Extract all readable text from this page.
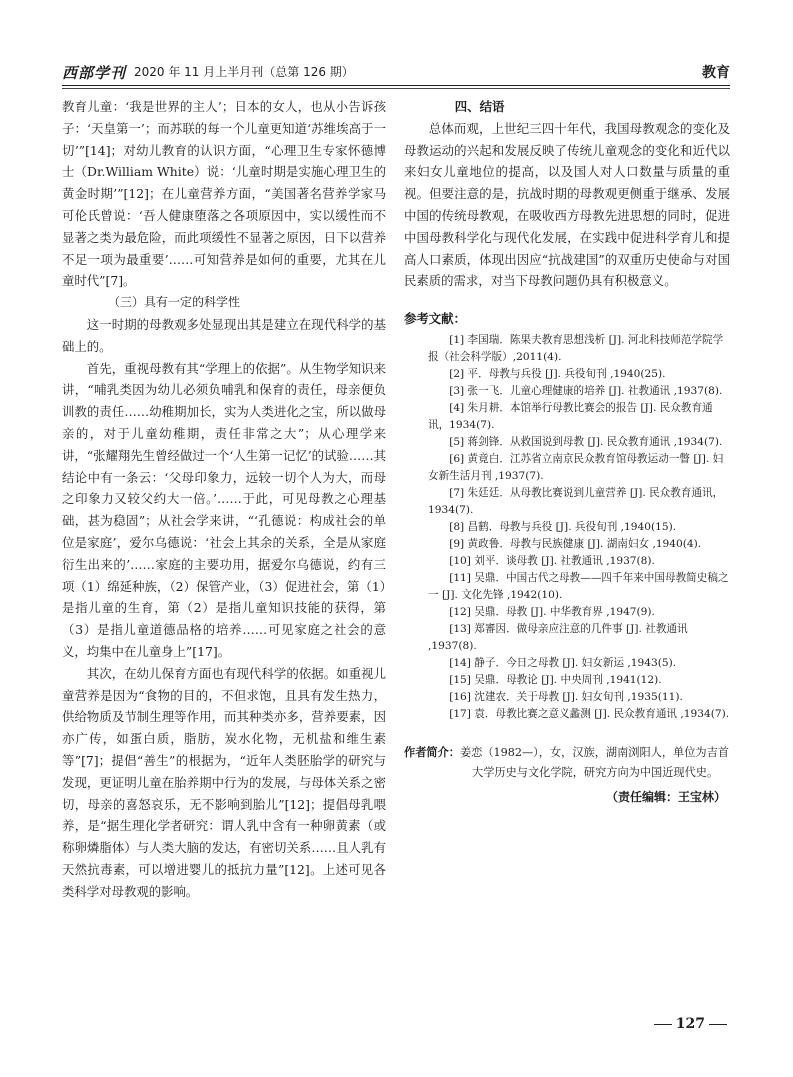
西部学刊 2020 年 11 月上半月刊（总第 126 期）	教育

教育儿童：‘我是世界的主人’；日本的女人，也从小告诉孩子：‘天皇第一’；而苏联的每一个儿童更知道‘苏维埃高于一切’”[14]；对幼儿教育的认识方面，“心理卫生专家怀德博士（Dr.William White）说：‘儿童时期是实施心理卫生的黄金时期’”[12]；在儿童营养方面，“美国著名营养学家马可伦氏曾说：‘吾人健康堕落之各项原因中，实以缓性而不显著之类为最危险，而此项缓性不显著之原因，日下以营养不足一项为最重要’……可知营养是如何的重要，尤其在儿童时代”[7]。

（三）具有一定的科学性

这一时期的母教观多处显现出其是建立在现代科学的基础上的。

首先，重视母教有其“学理上的依据”。从生物学知识来讲，“哺乳类因为幼儿必须负哺乳和保育的责任，母亲便负训教的责任……幼稚期加长，实为人类进化之宝，所以做母亲的，对于儿童幼稚期，责任非常之大”；从心理学来讲，“张耀翔先生曾经做过一个‘人生第一记忆’的试验……其结论中有一条云：‘父母印象力，远较一切个人为大，而母之印象力又较父约大一倍。’……于此，可见母教之心理基础，甚为稳固”；从社会学来讲，“‘孔德说：构成社会的单位是家庭’，爱尔乌德说：‘社会上其余的关系，全是从家庭衍生出来的’……家庭的主要功用，据爱尔乌德说，约有三项（1）绵延种族，（2）保管产业，（3）促进社会，第（1）是指儿童的生育，第（2）是指儿童知识技能的获得，第（3）是指儿童道德品格的培养……可见家庭之社会的意义，均集中在儿童身上”[17]。

其次，在幼儿保育方面也有现代科学的依据。如重视儿童营养是因为“食物的目的，不但求饱，且具有发生热力，供给物质及节制生理等作用，而其种类亦多，营养要素，因亦广传，如蛋白质，脂肪，炭水化物，无机盐和维生素等”[7]；提倡“善生”的根据为，“近年人类胚胎学的研究与发现，更证明儿童在胎养期中行为的发展，与母体关系之密切，母亲的喜怒哀乐，无不影响到胎儿”[12]；提倡母乳喂养，是“据生理化学者研究：谓人乳中含有一种卵黄素（或称卵燐脂体）与人类大脑的发达，有密切关系……且人乳有天然抗毒素，可以增进婴儿的抵抗力量”[12]。上述可见各类科学对母教观的影响。

四、结语

总体而观，上世纪三四十年代，我国母教观念的变化及母教运动的兴起和发展反映了传统儿童观念的变化和近代以来妇女儿童地位的提高，以及国人对人口数量与质量的重视。但要注意的是，抗战时期的母教观更侧重于继承、发展中国的传统母教观，在吸收西方母教先进思想的同时，促进中国母教科学化与现代化发展，在实践中促进科学育儿和提高人口素质，体现出因应“抗战建国”的双重历史使命与对国民素质的需求，对当下母教问题仍具有积极意义。

参考文献：

[1] 李国瑞．陈果夫教育思想浅析 [J]. 河北科技师范学院学报（社会科学版）,2011(4).

[2] 平．母教与兵役 [J]. 兵役旬刊 ,1940(25).

[3] 张一飞．儿童心理健康的培养 [J]. 社教通讯 ,1937(8).

[4] 朱月耕．本馆举行母教比赛会的报告 [J]. 民众教育通讯，1934(7).

[5] 蒋剑锋．从救国说到母教 [J]. 民众教育通讯 ,1934(7).

[6] 黄竟白．江苏省立南京民众教育馆母教运动一瞥 [J]. 妇女新生活月刊 ,1937(7).

[7] 朱廷廷．从母教比赛说到儿童营养 [J]. 民众教育通讯，1934(7).

[8] 昌鹤．母教与兵役 [J]. 兵役旬刊 ,1940(15).

[9] 黄政鲁．母教与民族健康 [J]. 湖南妇女 ,1940(4).

[10] 刘平．谈母教 [J]. 社教通讯 ,1937(8).

[11] 吴鼎．中国古代之母教——四千年来中国母教简史稿之一 [J]. 文化先锋 ,1942(10).

[12] 吴鼎．母教 [J]. 中华教育界 ,1947(9).

[13] 郑審因．做母亲应注意的几件事 [J]. 社教通讯 ,1937(8).

[14] 静子．今日之母教 [J]. 妇女新运 ,1943(5).

[15] 吴鼎．母教论 [J]. 中央周刊 ,1941(12).

[16] 沈建农．关于母教 [J]. 妇女旬刊 ,1935(11).

[17] 袁．母教比赛之意义蠡测 [J]. 民众教育通讯 ,1934(7).

作者简介：姜恋（1982—），女，汉族，湖南浏阳人，单位为吉首大学历史与文化学院，研究方向为中国近现代史。
（责任编辑：王宝林）
127
